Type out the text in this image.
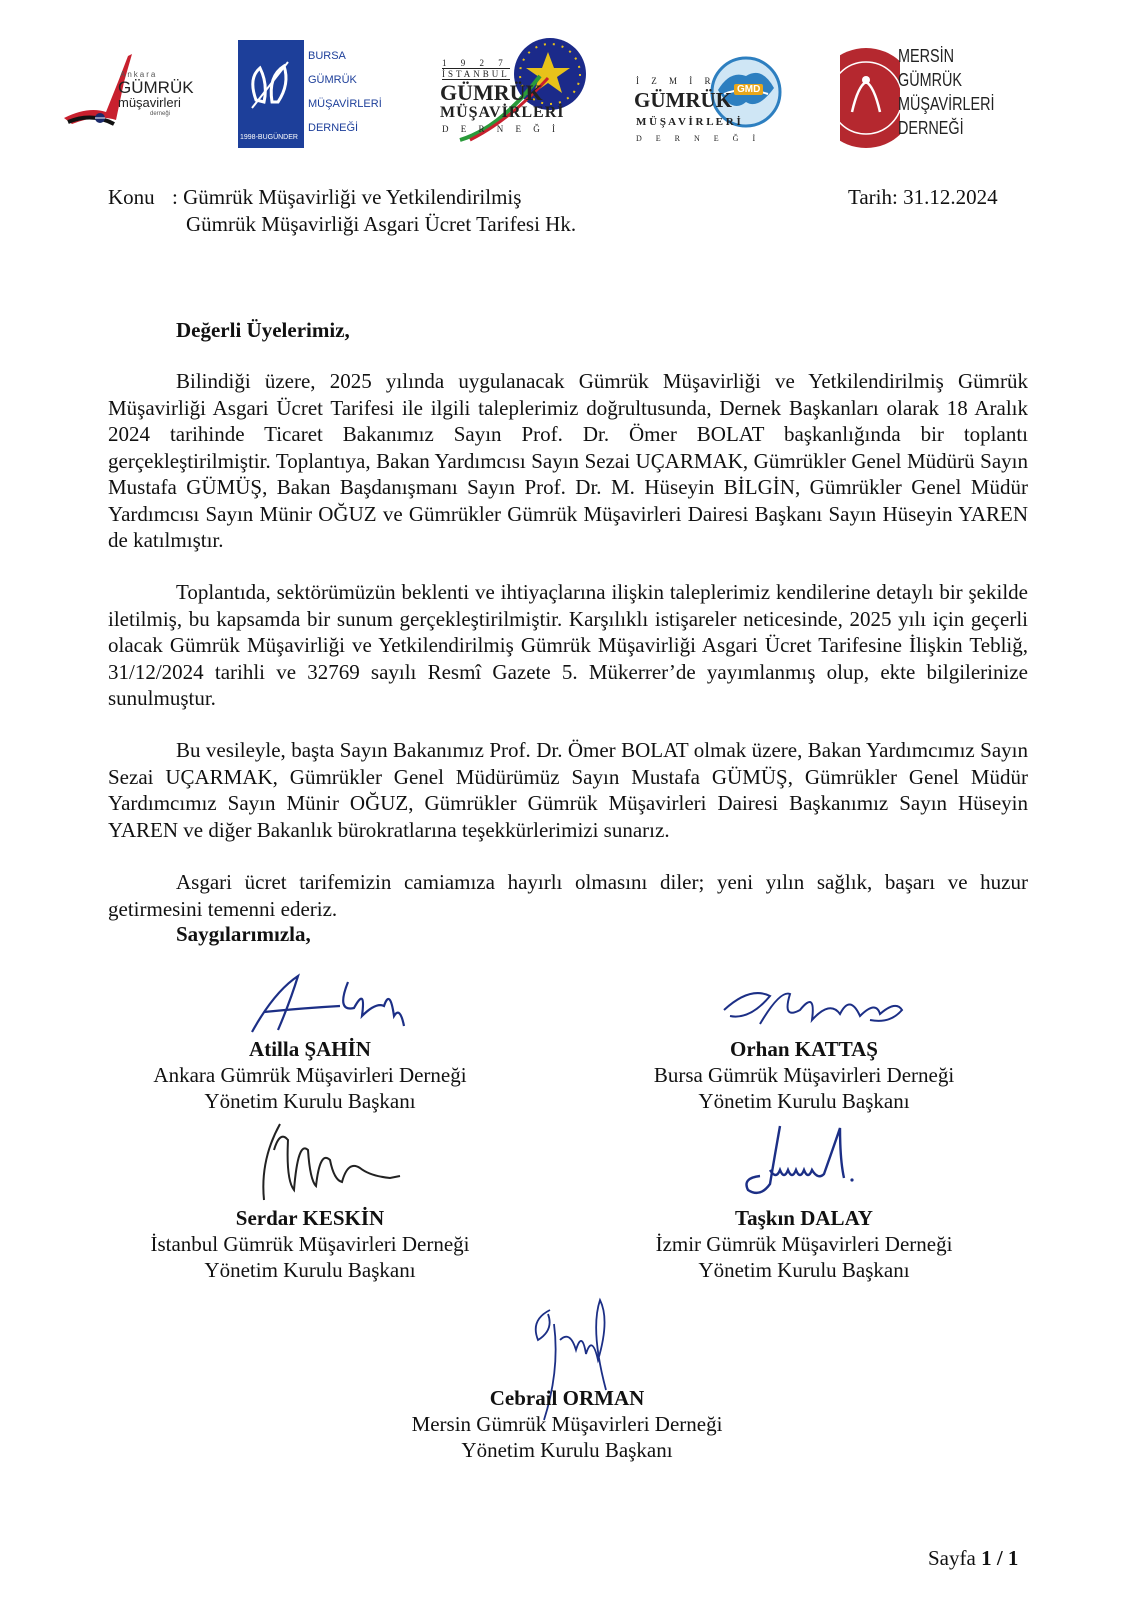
Ankara
GÜMRÜK
müşavirleri
derneği
1998-BUGÜNDER
BURSA
GÜMRÜK
MÜŞAVİRLERİ
DERNEĞİ
1 9 2 7
İSTANBUL
GÜMRÜK
MÜŞAVİRLERİ
D E R N E Ğ İ
GMD
İ Z M İ R
GÜMRÜK
M Ü Ş A V İ R L E R İ
D E R N E Ğ İ
MERSİN
GÜMRÜK
MÜŞAVİRLERİ
DERNEĞİ
Konu : Gümrük Müşavirliği ve Yetkilendirilmiş
Gümrük Müşavirliği Asgari Ücret Tarifesi Hk.
Tarih: 31.12.2024
Değerli Üyelerimiz,

Bilindiği üzere, 2025 yılında uygulanacak Gümrük Müşavirliği ve Yetkilendirilmiş Gümrük Müşavirliği Asgari Ücret Tarifesi ile ilgili taleplerimiz doğrultusunda, Dernek Başkanları olarak 18 Aralık 2024 tarihinde Ticaret Bakanımız Sayın Prof. Dr. Ömer BOLAT başkanlığında bir toplantı gerçekleştirilmiştir. Toplantıya, Bakan Yardımcısı Sayın Sezai UÇARMAK, Gümrükler Genel Müdürü Sayın Mustafa GÜMÜŞ, Bakan Başdanışmanı Sayın Prof. Dr. M. Hüseyin BİLGİN, Gümrükler Genel Müdür Yardımcısı Sayın Münir OĞUZ ve Gümrükler Gümrük Müşavirleri Dairesi Başkanı Sayın Hüseyin YAREN de katılmıştır.

Toplantıda, sektörümüzün beklenti ve ihtiyaçlarına ilişkin taleplerimiz kendilerine detaylı bir şekilde iletilmiş, bu kapsamda bir sunum gerçekleştirilmiştir. Karşılıklı istişareler neticesinde, 2025 yılı için geçerli olacak Gümrük Müşavirliği ve Yetkilendirilmiş Gümrük Müşavirliği Asgari Ücret Tarifesine İlişkin Tebliğ, 31/12/2024 tarihli ve 32769 sayılı Resmî Gazete 5. Mükerrer’de yayımlanmış olup, ekte bilgilerinize sunulmuştur.

Bu vesileyle, başta Sayın Bakanımız Prof. Dr. Ömer BOLAT olmak üzere, Bakan Yardımcımız Sayın Sezai UÇARMAK, Gümrükler Genel Müdürümüz Sayın Mustafa GÜMÜŞ, Gümrükler Genel Müdür Yardımcımız Sayın Münir OĞUZ, Gümrükler Gümrük Müşavirleri Dairesi Başkanımız Sayın Hüseyin YAREN ve diğer Bakanlık bürokratlarına teşekkürlerimizi sunarız.

Asgari ücret tarifemizin camiamıza hayırlı olmasını diler; yeni yılın sağlık, başarı ve huzur getirmesini temenni ederiz.

Saygılarımızla,
Atilla ŞAHİN
Ankara Gümrük Müşavirleri Derneği
Yönetim Kurulu Başkanı
Orhan KATTAŞ
Bursa Gümrük Müşavirleri Derneği
Yönetim Kurulu Başkanı
Serdar KESKİN
İstanbul Gümrük Müşavirleri Derneği
Yönetim Kurulu Başkanı
Taşkın DALAY
İzmir Gümrük Müşavirleri Derneği
Yönetim Kurulu Başkanı
Cebrail ORMAN
Mersin Gümrük Müşavirleri Derneği
Yönetim Kurulu Başkanı
Sayfa 1 / 1
